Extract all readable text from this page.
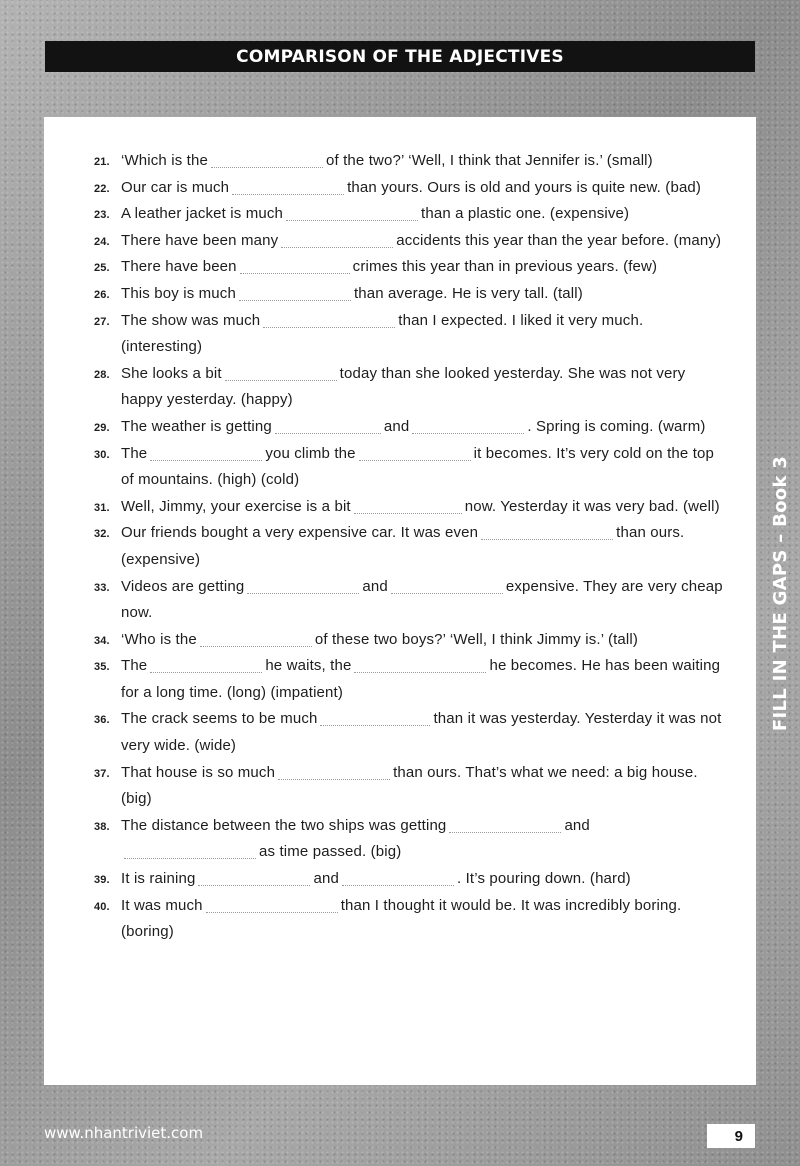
COMPARISON OF THE ADJECTIVES
21. ‘Which is the	of the two?’ ‘Well, I think that Jennifer is.’ (small)
22. Our car is much	than yours. Ours is old and yours is quite new. (bad)
23. A leather jacket is much	than a plastic one. (expensive)
24. There have been many	accidents this year than the year before. (many)
25. There have been	crimes this year than in previous years. (few)
26. This boy is much	than average. He is very tall. (tall)
27. The show was much	than I expected. I liked it very much. (interesting)
28. She looks a bit	today than she looked yesterday. She was not very happy yesterday. (happy)
29. The weather is getting	and	. Spring is coming. (warm)
30. The	you climb the	it becomes. It’s very cold on the top of mountains. (high) (cold)
31. Well, Jimmy, your exercise is a bit	now. Yesterday it was very bad. (well)
32. Our friends bought a very expensive car. It was even	than ours. (expensive)
33. Videos are getting	and	expensive. They are very cheap now.
34. ‘Who is the	of these two boys?’ ‘Well, I think Jimmy is.’ (tall)
35. The	he waits, the	he becomes. He has been waiting for a long time. (long) (impatient)
36. The crack seems to be much	than it was yesterday. Yesterday it was not very wide. (wide)
37. That house is so much	than ours. That’s what we need: a big house. (big)
38. The distance between the two ships was getting	andas time passed. (big)
39. It is raining	and	. It’s pouring down. (hard)
40. It was much	than I thought it would be. It was incredibly boring. (boring)
FILL IN THE GAPS – Book 3
www.nhantriviet.com	9
